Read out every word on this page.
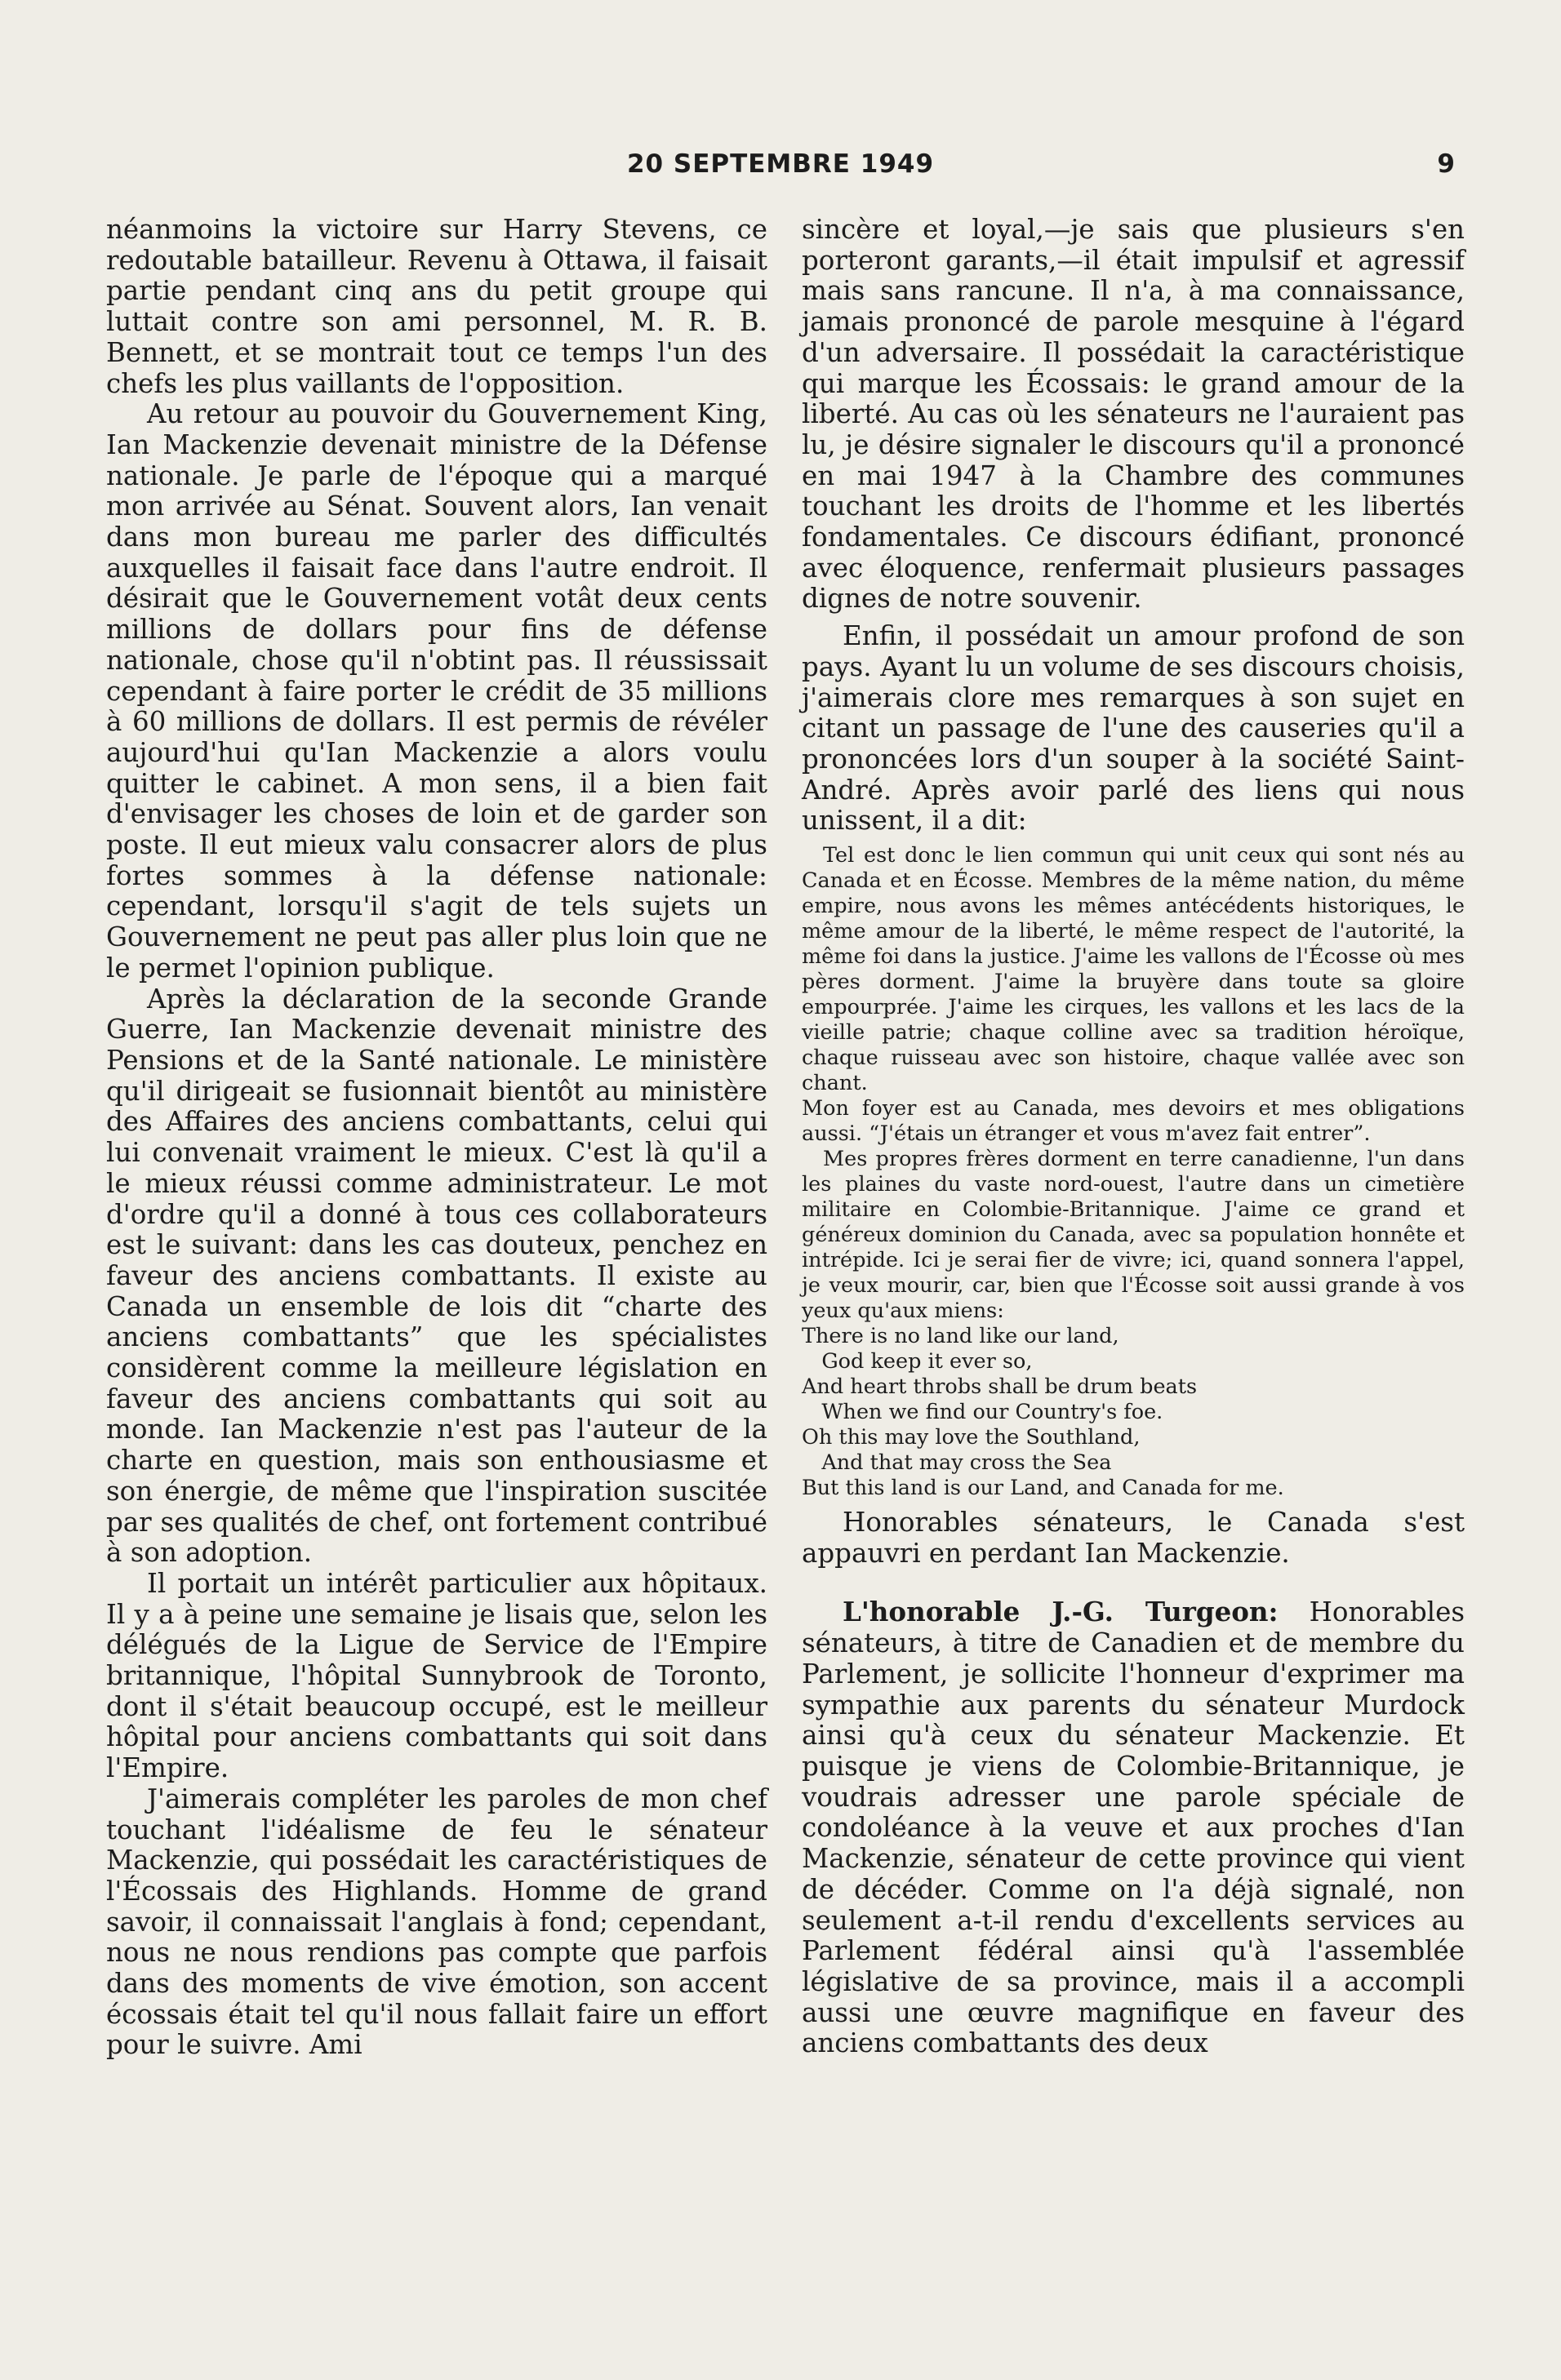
20 SEPTEMBRE 1949	9

néanmoins la victoire sur Harry Stevens, ce redoutable batailleur. Revenu à Ottawa, il faisait partie pendant cinq ans du petit groupe qui luttait contre son ami personnel, M. R. B. Bennett, et se montrait tout ce temps l'un des chefs les plus vaillants de l'opposition.

Au retour au pouvoir du Gouvernement King, Ian Mackenzie devenait ministre de la Défense nationale. Je parle de l'époque qui a marqué mon arrivée au Sénat. Souvent alors, Ian venait dans mon bureau me parler des difficultés auxquelles il faisait face dans l'autre endroit. Il désirait que le Gouvernement votât deux cents millions de dollars pour fins de défense nationale, chose qu'il n'obtint pas. Il réussissait cependant à faire porter le crédit de 35 millions à 60 millions de dollars. Il est permis de révéler aujourd'hui qu'Ian Mackenzie a alors voulu quitter le cabinet. A mon sens, il a bien fait d'envisager les choses de loin et de garder son poste. Il eut mieux valu consacrer alors de plus fortes sommes à la défense nationale: cependant, lorsqu'il s'agit de tels sujets un Gouvernement ne peut pas aller plus loin que ne le permet l'opinion publique.

Après la déclaration de la seconde Grande Guerre, Ian Mackenzie devenait ministre des Pensions et de la Santé nationale. Le ministère qu'il dirigeait se fusionnait bientôt au ministère des Affaires des anciens combattants, celui qui lui convenait vraiment le mieux. C'est là qu'il a le mieux réussi comme administrateur. Le mot d'ordre qu'il a donné à tous ces collaborateurs est le suivant: dans les cas douteux, penchez en faveur des anciens combattants. Il existe au Canada un ensemble de lois dit “charte des anciens combattants” que les spécialistes considèrent comme la meilleure législation en faveur des anciens combattants qui soit au monde. Ian Mackenzie n'est pas l'auteur de la charte en question, mais son enthousiasme et son énergie, de même que l'inspiration suscitée par ses qualités de chef, ont fortement contribué à son adoption.

Il portait un intérêt particulier aux hôpitaux. Il y a à peine une semaine je lisais que, selon les délégués de la Ligue de Service de l'Empire britannique, l'hôpital Sunnybrook de Toronto, dont il s'était beaucoup occupé, est le meilleur hôpital pour anciens combattants qui soit dans l'Empire.

J'aimerais compléter les paroles de mon chef touchant l'idéalisme de feu le sénateur Mackenzie, qui possédait les caractéristiques de l'Écossais des Highlands. Homme de grand savoir, il connaissait l'anglais à fond; cependant, nous ne nous rendions pas compte que parfois dans des moments de vive émotion, son accent écossais était tel qu'il nous fallait faire un effort pour le suivre. Ami

sincère et loyal,—je sais que plusieurs s'en porteront garants,—il était impulsif et agressif mais sans rancune. Il n'a, à ma connaissance, jamais prononcé de parole mesquine à l'égard d'un adversaire. Il possédait la caractéristique qui marque les Écossais: le grand amour de la liberté. Au cas où les sénateurs ne l'auraient pas lu, je désire signaler le discours qu'il a prononcé en mai 1947 à la Chambre des communes touchant les droits de l'homme et les libertés fondamentales. Ce discours édifiant, prononcé avec éloquence, renfermait plusieurs passages dignes de notre souvenir.

Enfin, il possédait un amour profond de son pays. Ayant lu un volume de ses discours choisis, j'aimerais clore mes remarques à son sujet en citant un passage de l'une des causeries qu'il a prononcées lors d'un souper à la société Saint-André. Après avoir parlé des liens qui nous unissent, il a dit:

Tel est donc le lien commun qui unit ceux qui sont nés au Canada et en Écosse. Membres de la même nation, du même empire, nous avons les mêmes antécédents historiques, le même amour de la liberté, le même respect de l'autorité, la même foi dans la justice. J'aime les vallons de l'Écosse où mes pères dorment. J'aime la bruyère dans toute sa gloire empourprée. J'aime les cirques, les vallons et les lacs de la vieille patrie; chaque colline avec sa tradition héroïque, chaque ruisseau avec son histoire, chaque vallée avec son chant.

Mon foyer est au Canada, mes devoirs et mes obligations aussi. “J'étais un étranger et vous m'avez fait entrer”.

Mes propres frères dorment en terre canadienne, l'un dans les plaines du vaste nord-ouest, l'autre dans un cimetière militaire en Colombie-Britannique. J'aime ce grand et généreux dominion du Canada, avec sa population honnête et intrépide. Ici je serai fier de vivre; ici, quand sonnera l'appel, je veux mourir, car, bien que l'Écosse soit aussi grande à vos yeux qu'aux miens:

There is no land like our land,
God keep it ever so,
And heart throbs shall be drum beats
When we find our Country's foe.
Oh this may love the Southland,
And that may cross the Sea
But this land is our Land, and Canada for me.

Honorables sénateurs, le Canada s'est appauvri en perdant Ian Mackenzie.

L'honorable J.-G. Turgeon: Honorables sénateurs, à titre de Canadien et de membre du Parlement, je sollicite l'honneur d'exprimer ma sympathie aux parents du sénateur Murdock ainsi qu'à ceux du sénateur Mackenzie. Et puisque je viens de Colombie-Britannique, je voudrais adresser une parole spéciale de condoléance à la veuve et aux proches d'Ian Mackenzie, sénateur de cette province qui vient de décéder. Comme on l'a déjà signalé, non seulement a-t-il rendu d'excellents services au Parlement fédéral ainsi qu'à l'assemblée législative de sa province, mais il a accompli aussi une œuvre magnifique en faveur des anciens combattants des deux
